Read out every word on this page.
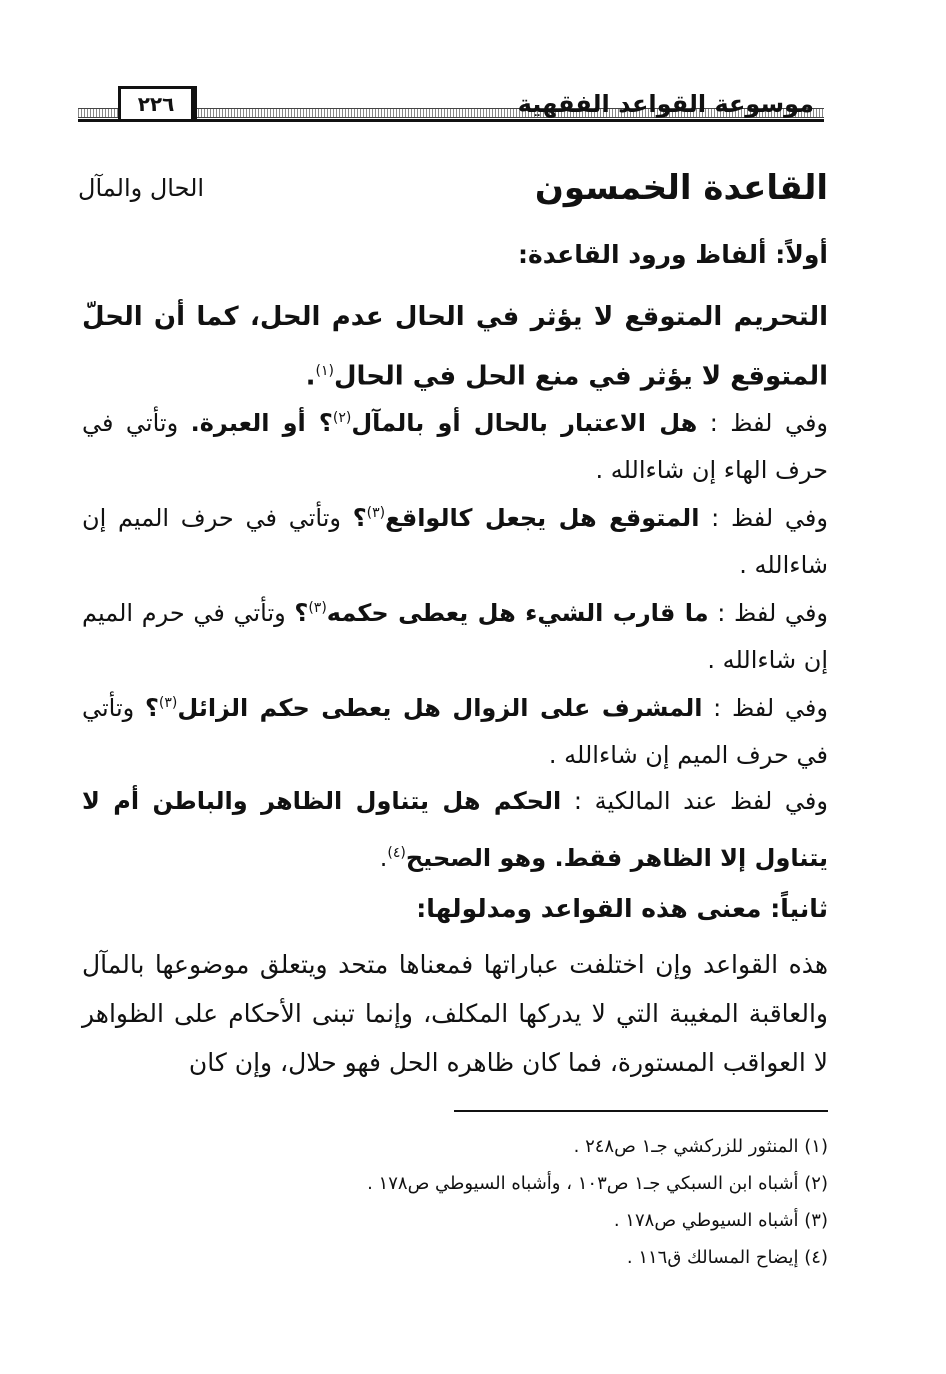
موسوعة القواعد الفقهية
٢٢٦
القاعدة الخمسون
الحال والمآل
أولاً: ألفاظ ورود القاعدة:
التحريم المتوقع لا يؤثر في الحال عدم الحل، كما أن الحلّ المتوقع لا يؤثر في منع الحل في الحال$^{(١)}$.
وفي لفظ : هل الاعتبار بالحال أو بالمآل$^{(٢)}$؟ أو العبرة. وتأتي في حرف الهاء إن شاءالله .
وفي لفظ : المتوقع هل يجعل كالواقع$^{(٣)}$؟ وتأتي في حرف الميم إن شاءالله .
وفي لفظ : ما قارب الشيء هل يعطى حكمه$^{(٣)}$؟ وتأتي في حرم الميم إن شاءالله .
وفي لفظ : المشرف على الزوال هل يعطى حكم الزائل$^{(٣)}$؟ وتأتي في حرف الميم إن شاءالله .
وفي لفظ عند المالكية : الحكم هل يتناول الظاهر والباطن أم لا يتناول إلا الظاهر فقط. وهو الصحيح$^{(٤)}$.
ثانياً: معنى هذه القواعد ومدلولها:
هذه القواعد وإن اختلفت عباراتها فمعناها متحد ويتعلق موضوعها بالمآل والعاقبة المغيبة التي لا يدركها المكلف، وإنما تبنى الأحكام على الظواهر لا العواقب المستورة، فما كان ظاهره الحل فهو حلال، وإن كان
(١) المنثور للزركشي جـ١ ص٢٤٨ .
(٢) أشباه ابن السبكي جـ١ ص١٠٣ ، وأشباه السيوطي ص١٧٨ .
(٣) أشباه السيوطي ص١٧٨ .
(٤) إيضاح المسالك ق١١٦ .
